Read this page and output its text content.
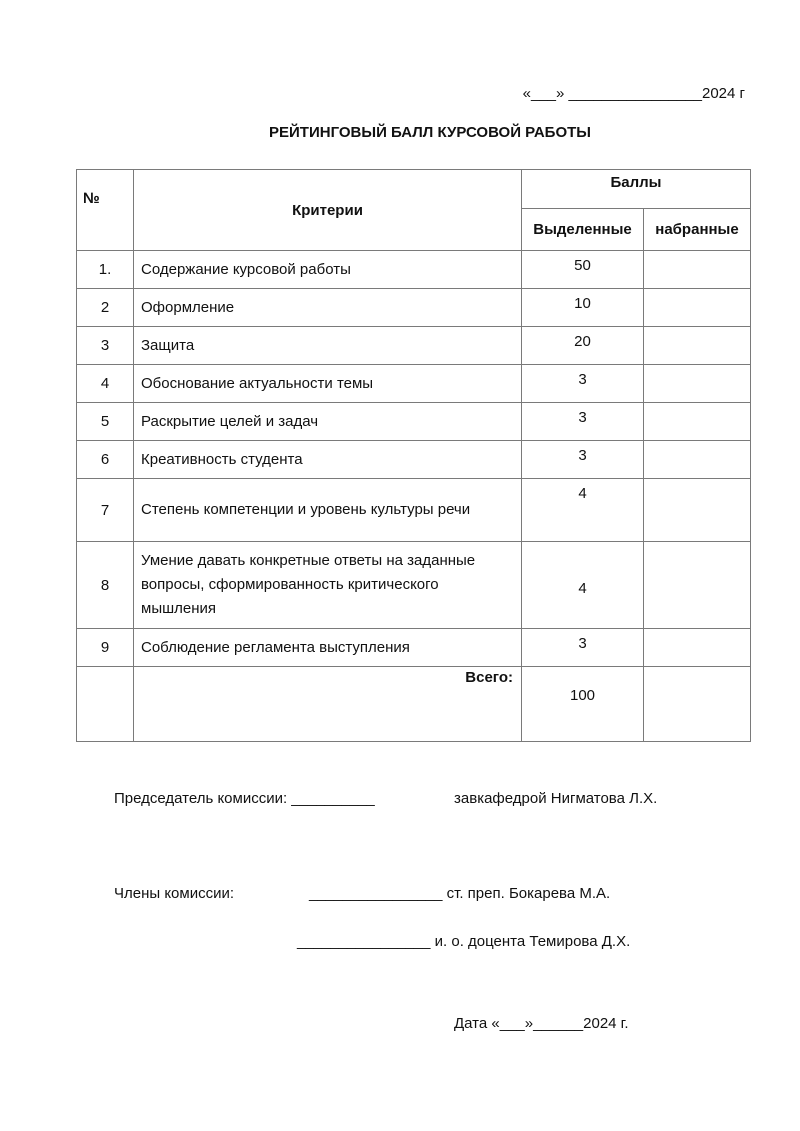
«___» ________________2024 г
РЕЙТИНГОВЫЙ БАЛЛ КУРСОВОЙ РАБОТЫ
№	Критерии	Баллы	
		Выделенные	набранные
1.	Содержание курсовой работы	50	
2	Оформление	10	
3	Защита	20	
4	Обоснование актуальности темы	3	
5	Раскрытие целей и задач	3	
6	Креативность студента	3	
7	Степень компетенции и уровень культуры речи	4	
8	Умение давать конкретные ответы на заданные вопросы, сформированность критического мышления	4	
9	Соблюдение регламента выступления	3	
	Всего:	100	
Председатель комиссии: __________	завкафедрой Нигматова Л.Х.
Члены комиссии:	________________ ст. преп. Бокарева М.А.
________________ и. о. доцента Темирова Д.Х.
Дата «___»______2024 г.
